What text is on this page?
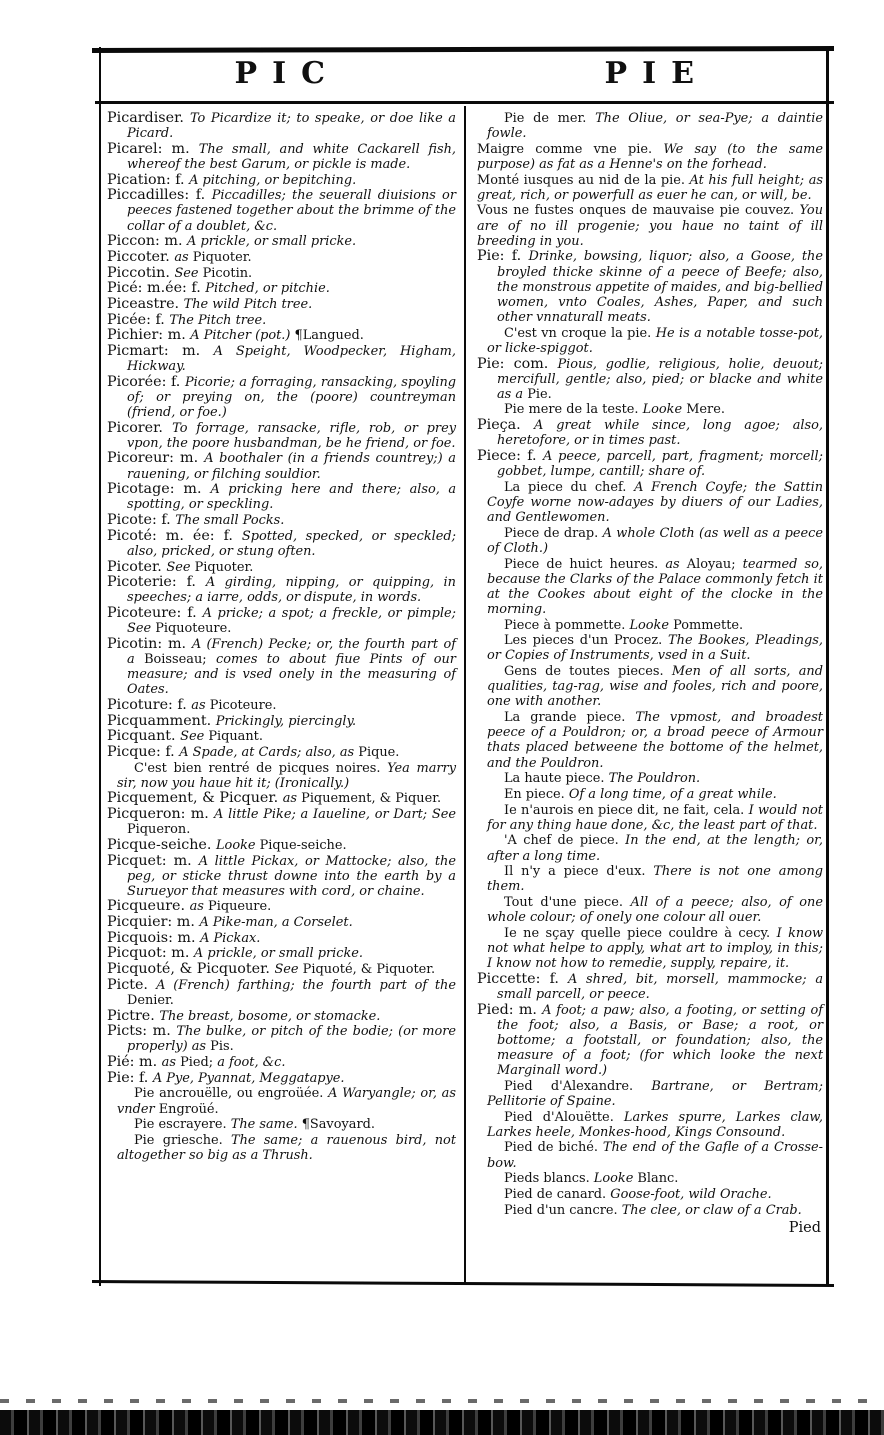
PIC	PIE

Picardiser. To Picardize it; to speake, or doe like a Picard.

Picarel: m. The small, and white Cackarell fish, whereof the best Garum, or pickle is made.

Pication: f. A pitching, or bepitching.

Piccadilles: f. Piccadilles; the seuerall diuisions or peeces fastened together about the brimme of the collar of a doublet, &c.

Piccon: m. A prickle, or small pricke.

Piccoter. as Piquoter.

Piccotin. See Picotin.

Picé: m.ée: f. Pitched, or pitchie.

Piceastre. The wild Pitch tree.

Picée: f. The Pitch tree.

Pichier: m. A Pitcher (pot.) ¶Langued.

Picmart: m. A Speight, Woodpecker, Higham, Hickway.

Picorée: f. Picorie; a forraging, ransacking, spoyling of; or preying on, the (poore) countreyman (friend, or foe.)

Picorer. To forrage, ransacke, rifle, rob, or prey vpon, the poore husbandman, be he friend, or foe.

Picoreur: m. A boothaler (in a friends countrey;) a rauening, or filching souldior.

Picotage: m. A pricking here and there; also, a spotting, or speckling.

Picote: f. The small Pocks.

Picoté: m. ée: f. Spotted, specked, or speckled; also, pricked, or stung often.

Picoter. See Piquoter.

Picoterie: f. A girding, nipping, or quipping, in speeches; a iarre, odds, or dispute, in words.

Picoteure: f. A pricke; a spot; a freckle, or pimple; See Piquoteure.

Picotin: m. A (French) Pecke; or, the fourth part of a Boisseau; comes to about fiue Pints of our measure; and is vsed onely in the measuring of Oates.

Picoture: f. as Picoteure.

Picquamment. Prickingly, piercingly.

Picquant. See Piquant.

Picque: f. A Spade, at Cards; also, as Pique.

C'est bien rentré de picques noires. Yea marry sir, now you haue hit it; (Ironically.)

Picquement, & Picquer. as Piquement, & Piquer.

Picqueron: m. A little Pike; a Iaueline, or Dart; See Piqueron.

Picque-seiche. Looke Pique-seiche.

Picquet: m. A little Pickax, or Mattocke; also, the peg, or sticke thrust downe into the earth by a Surueyor that measures with cord, or chaine.

Picqueure. as Piqueure.

Picquier: m. A Pike-man, a Corselet.

Picquois: m. A Pickax.

Picquot: m. A prickle, or small pricke.

Picquoté, & Picquoter. See Piquoté, & Piquoter.

Picte. A (French) farthing; the fourth part of the Denier.

Pictre. The breast, bosome, or stomacke.

Picts: m. The bulke, or pitch of the bodie; (or more properly) as Pis.

Pié: m. as Pied; a foot, &c.

Pie: f. A Pye, Pyannat, Meggatapye.

Pie ancrouëlle, ou engroüée. A Waryangle; or, as vnder Engroüé.

Pie escrayere. The same. ¶Savoyard.

Pie griesche. The same; a rauenous bird, not altogether so big as a Thrush.

Pie de mer. The Oliue, or sea-Pye; a daintie fowle.

Maigre comme vne pie. We say (to the same purpose) as fat as a Henne's on the forhead.

Monté iusques au nid de la pie. At his full height; as great, rich, or powerfull as euer he can, or will, be.

Vous ne fustes onques de mauvaise pie couvez. You are of no ill progenie; you haue no taint of ill breeding in you.

Pie: f. Drinke, bowsing, liquor; also, a Goose, the broyled thicke skinne of a peece of Beefe; also, the monstrous appetite of maides, and big-bellied women, vnto Coales, Ashes, Paper, and such other vnnaturall meats.

C'est vn croque la pie. He is a notable tosse-pot, or licke-spiggot.

Pie: com. Pious, godlie, religious, holie, deuout; mercifull, gentle; also, pied; or blacke and white as a Pie.

Pie mere de la teste. Looke Mere.

Pieça. A great while since, long agoe; also, heretofore, or in times past.

Piece: f. A peece, parcell, part, fragment; morcell; gobbet, lumpe, cantill; share of.

La piece du chef. A French Coyfe; the Sattin Coyfe worne now-adayes by diuers of our Ladies, and Gentlewomen.

Piece de drap. A whole Cloth (as well as a peece of Cloth.)

Piece de huict heures. as Aloyau; tearmed so, because the Clarks of the Palace commonly fetch it at the Cookes about eight of the clocke in the morning.

Piece à pommette. Looke Pommette.

Les pieces d'un Procez. The Bookes, Pleadings, or Copies of Instruments, vsed in a Suit.

Gens de toutes pieces. Men of all sorts, and qualities, tag-rag, wise and fooles, rich and poore, one with another.

La grande piece. The vpmost, and broadest peece of a Pouldron; or, a broad peece of Armour thats placed betweene the bottome of the helmet, and the Pouldron.

La haute piece. The Pouldron.

En piece. Of a long time, of a great while.

Ie n'aurois en piece dit, ne fait, cela. I would not for any thing haue done, &c, the least part of that.

'A chef de piece. In the end, at the length; or, after a long time.

Il n'y a piece d'eux. There is not one among them.

Tout d'une piece. All of a peece; also, of one whole colour; of onely one colour all ouer.

Ie ne sçay quelle piece couldre à cecy. I know not what helpe to apply, what art to imploy, in this; I know not how to remedie, supply, repaire, it.

Piccette: f. A shred, bit, morsell, mammocke; a small parcell, or peece.

Pied: m. A foot; a paw; also, a footing, or setting of the foot; also, a Basis, or Base; a root, or bottome; a footstall, or foundation; also, the measure of a foot; (for which looke the next Marginall word.)

Pied d'Alexandre. Bartrane, or Bertram; Pellitorie of Spaine.

Pied d'Alouëtte. Larkes spurre, Larkes claw, Larkes heele, Monkes-hood, Kings Consound.

Pied de biché. The end of the Gafle of a Crosse-bow.

Pieds blancs. Looke Blanc.

Pied de canard. Goose-foot, wild Orache.

Pied d'un cancre. The clee, or claw of a Crab.

Pied
